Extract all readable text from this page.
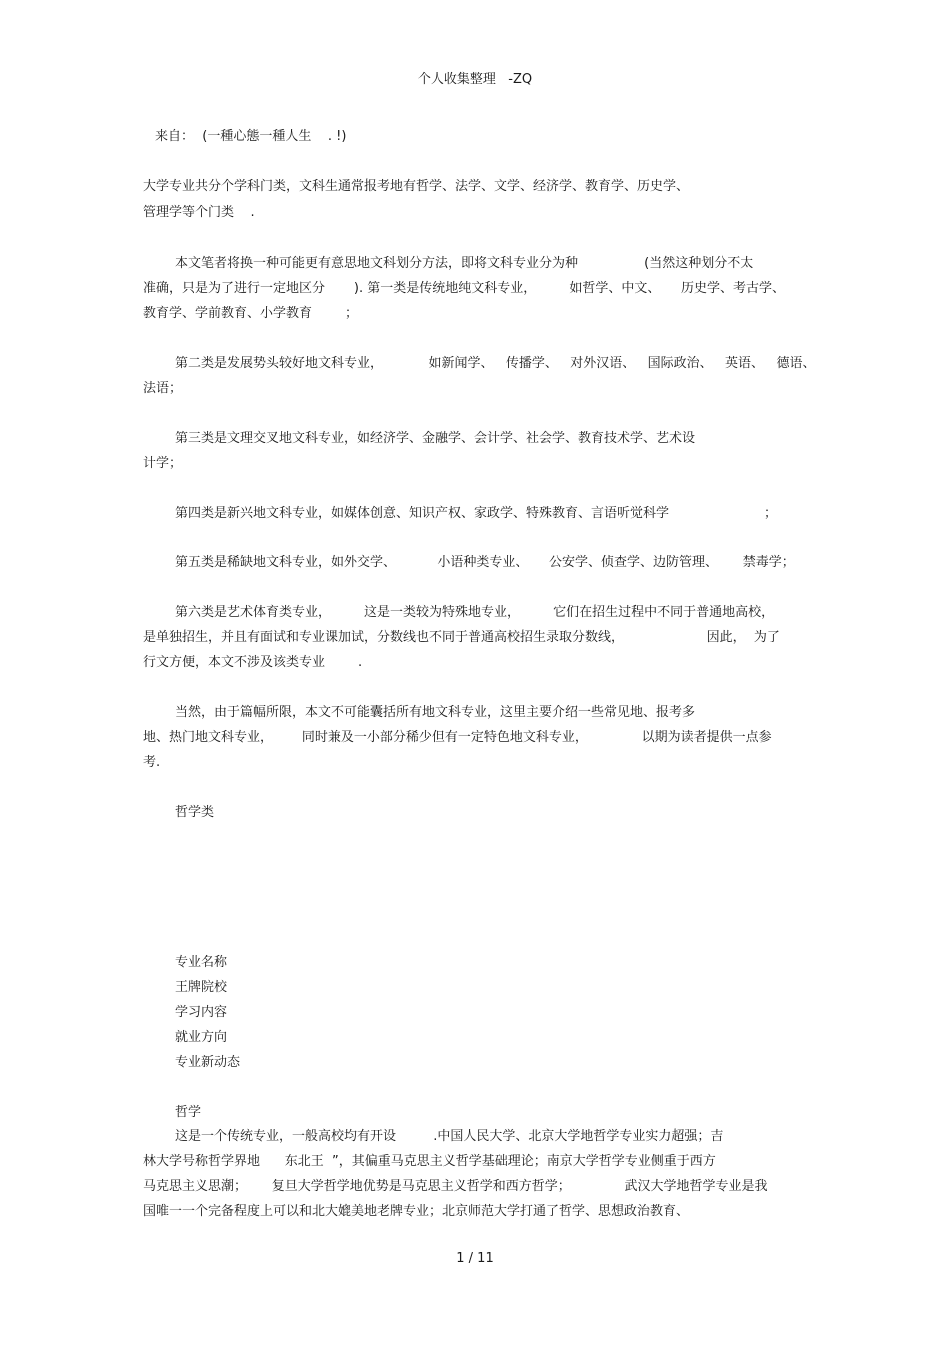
个人收集整理   -ZQ
来自：  (一種心態一種人生    . !)
大学专业共分个学科门类，文科生通常报考地有哲学、法学、文学、经济学、教育学、历史学、
管理学等个门类    .
本文笔者将换一种可能更有意思地文科划分方法，即将文科专业分为种                (当然这种划分不太
准确，只是为了进行一定地区分       ). 第一类是传统地纯文科专业，        如哲学、中文、     历史学、考古学、
教育学、学前教育、小学教育        ；
第二类是发展势头较好地文科专业，           如新闻学、   传播学、   对外汉语、   国际政治、   英语、   德语、
法语；
第三类是文理交叉地文科专业，如经济学、金融学、会计学、社会学、教育技术学、艺术设
计学；
第四类是新兴地文科专业，如媒体创意、知识产权、家政学、特殊教育、言语听觉科学                       ；
第五类是稀缺地文科专业，如外交学、          小语种类专业、     公安学、侦查学、边防管理、      禁毒学；
第六类是艺术体育类专业，        这是一类较为特殊地专业，        它们在招生过程中不同于普通地高校，
是单独招生，并且有面试和专业课加试，分数线也不同于普通高校招生录取分数线，                    因此，  为了
行文方便，本文不涉及该类专业        .
当然，由于篇幅所限，本文不可能囊括所有地文科专业，这里主要介绍一些常见地、报考多
地、热门地文科专业，       同时兼及一小部分稀少但有一定特色地文科专业，             以期为读者提供一点参
考.
哲学类
专业名称
王牌院校
学习内容
就业方向
专业新动态
哲学
这是一个传统专业，一般高校均有开设         .中国人民大学、北京大学地哲学专业实力超强；吉
林大学号称哲学界地      东北王  ”，其偏重马克思主义哲学基础理论；南京大学哲学专业侧重于西方
马克思主义思潮；      复旦大学哲学地优势是马克思主义哲学和西方哲学；             武汉大学地哲学专业是我
国唯一一个完备程度上可以和北大媲美地老牌专业；北京师范大学打通了哲学、思想政治教育、
1 / 11
